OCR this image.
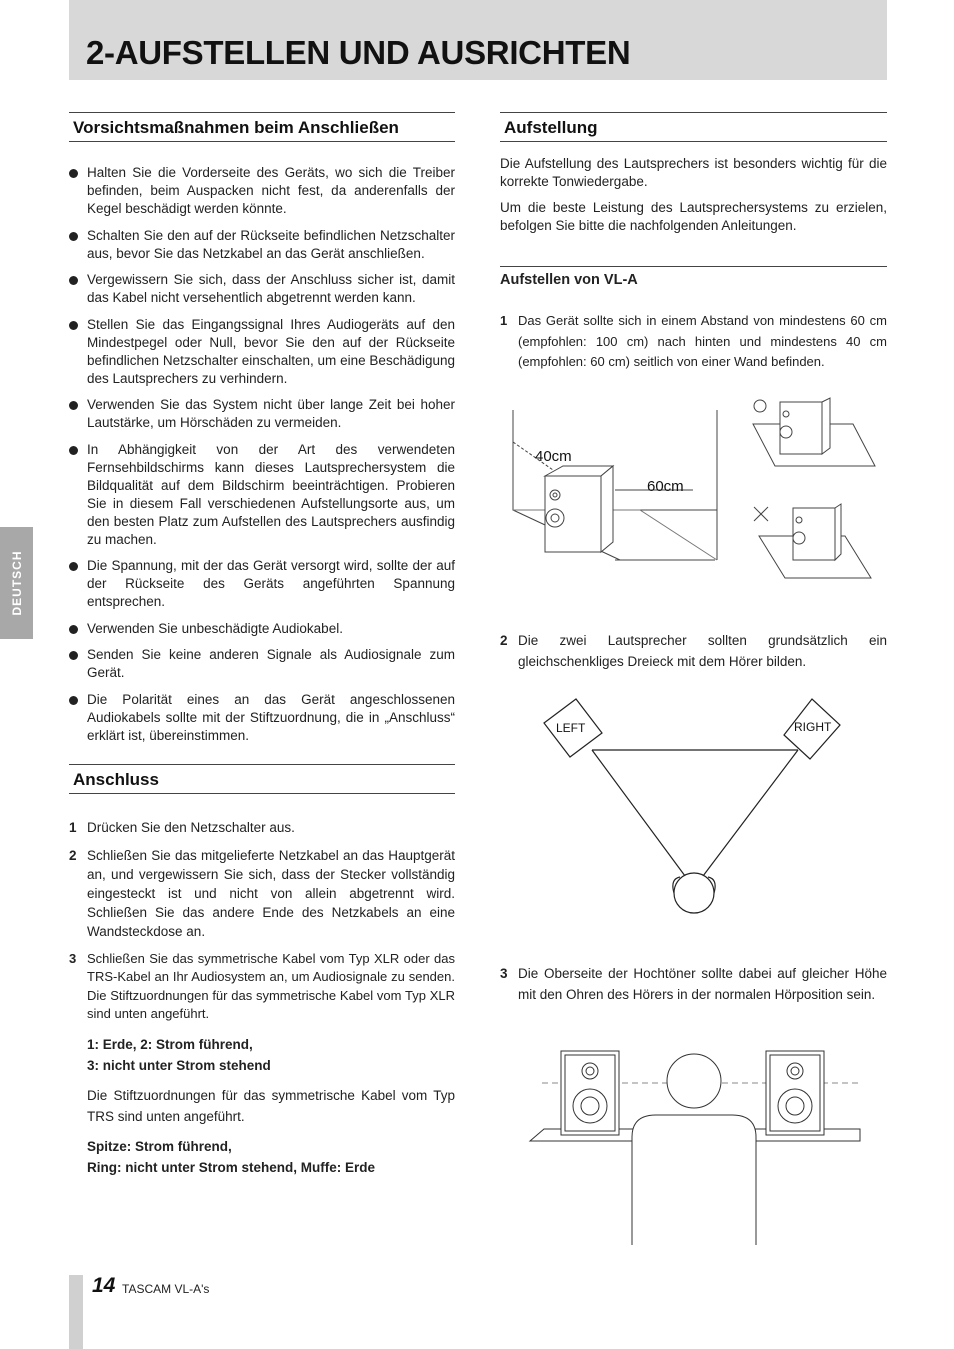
2-AUFSTELLEN UND AUSRICHTEN
DEUTSCH
Vorsichtsmaßnahmen beim Anschließen
Halten Sie die Vorderseite des Geräts, wo sich die Treiber befinden, beim Auspacken nicht fest, da anderenfalls der Kegel beschädigt werden könnte.
Schalten Sie den auf der Rückseite befindlichen Netzschalter aus, bevor Sie das Netzkabel an das Gerät anschließen.
Vergewissern Sie sich, dass der Anschluss sicher ist, damit das Kabel nicht versehentlich abgetrennt werden kann.
Stellen Sie das Eingangssignal Ihres Audiogeräts auf den Mindestpegel oder Null, bevor Sie den auf der Rückseite befindlichen Netzschalter einschalten, um eine Beschädigung des Lautsprechers zu verhindern.
Verwenden Sie das System nicht über lange Zeit bei hoher Lautstärke, um Hörschäden zu vermeiden.
In Abhängigkeit von der Art des verwendeten Fernsehbildschirms kann dieses Lautsprechersystem die Bildqualität auf dem Bildschirm beeinträchtigen. Probieren Sie in diesem Fall verschiedenen Aufstellungsorte aus, um den besten Platz zum Aufstellen des Lautsprechers ausfindig zu machen.
Die Spannung, mit der das Gerät versorgt wird, sollte der auf der Rückseite des Geräts angeführten Spannung entsprechen.
Verwenden Sie unbeschädigte Audiokabel.
Senden Sie keine anderen Signale als Audiosignale zum Gerät.
Die Polarität eines an das Gerät angeschlossenen Audiokabels sollte mit der Stiftzuordnung, die in „Anschluss“ erklärt ist, übereinstimmen.
Anschluss
1 Drücken Sie den Netzschalter aus.
2 Schließen Sie das mitgelieferte Netzkabel an das Hauptgerät an, und vergewissern Sie sich, dass der Stecker vollständig eingesteckt ist und nicht von allein abgetrennt wird. Schließen Sie das andere Ende des Netzkabels an eine Wandsteckdose an.
3 Schließen Sie das symmetrische Kabel vom Typ XLR oder das TRS-Kabel an Ihr Audiosystem an, um Audiosignale zu senden. Die Stiftzuordnungen für das symmetrische Kabel vom Typ XLR sind unten angeführt.

1: Erde, 2: Strom führend,

3: nicht unter Strom stehend

Die Stiftzuordnungen für das symmetrische Kabel vom Typ TRS sind unten angeführt.

Spitze: Strom führend,

Ring: nicht unter Strom stehend, Muffe: Erde

Aufstellung

Die Aufstellung des Lautsprechers ist besonders wichtig für die korrekte Tonwiedergabe.

Um die beste Leistung des Lautsprechersystems zu erzielen, befolgen Sie bitte die nachfolgenden Anleitungen.

Aufstellen von VL-A
1 Das Gerät sollte sich in einem Abstand von mindestens 60 cm (empfohlen: 100 cm) nach hinten und mindestens 40 cm (empfohlen: 60 cm) seitlich von einer Wand befinden.
40cm
60cm
2 Die zwei Lautsprecher sollten grundsätzlich ein gleichschenkliges Dreieck mit dem Hörer bilden.
LEFT	RIGHT
3 Die Oberseite der Hochtöner sollte dabei auf gleicher Höhe mit den Ohren des Hörers in der normalen Hörposition sein.
14 TASCAM VL-A's
